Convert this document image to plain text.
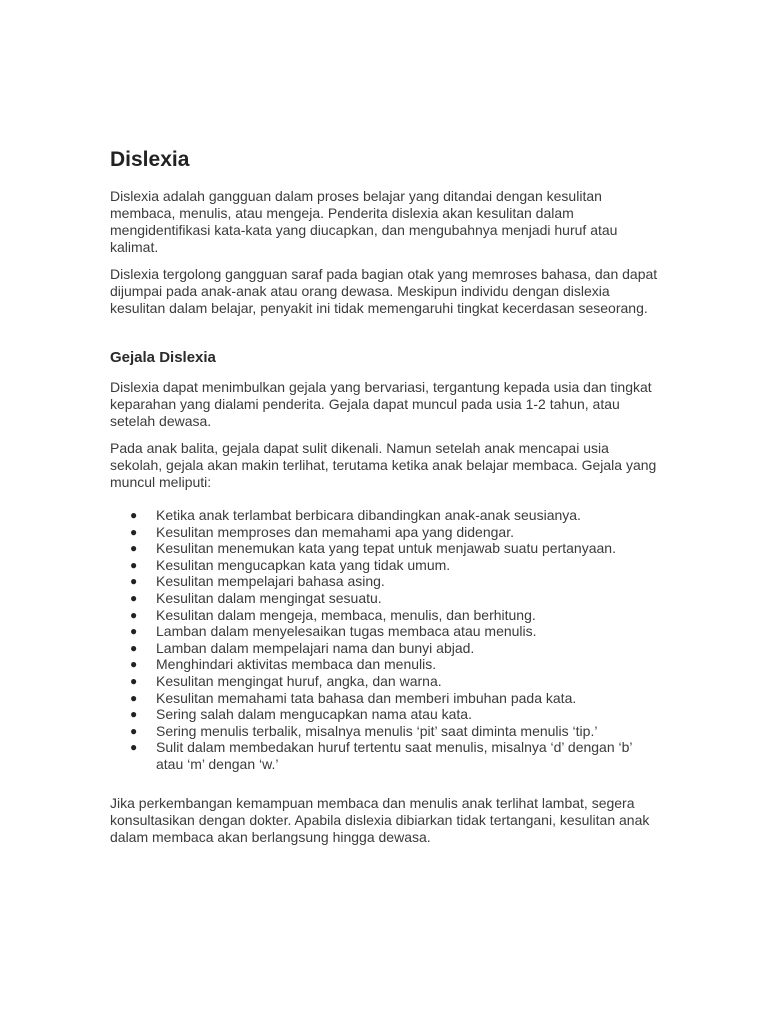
Dislexia

Dislexia adalah gangguan dalam proses belajar yang ditandai dengan kesulitan membaca, menulis, atau mengeja. Penderita dislexia akan kesulitan dalam mengidentifikasi kata-kata yang diucapkan, dan mengubahnya menjadi huruf atau kalimat.

Dislexia tergolong gangguan saraf pada bagian otak yang memroses bahasa, dan dapat dijumpai pada anak-anak atau orang dewasa. Meskipun individu dengan dislexia kesulitan dalam belajar, penyakit ini tidak memengaruhi tingkat kecerdasan seseorang.

Gejala Dislexia

Dislexia dapat menimbulkan gejala yang bervariasi, tergantung kepada usia dan tingkat keparahan yang dialami penderita. Gejala dapat muncul pada usia 1-2 tahun, atau setelah dewasa.

Pada anak balita, gejala dapat sulit dikenali. Namun setelah anak mencapai usia sekolah, gejala akan makin terlihat, terutama ketika anak belajar membaca. Gejala yang muncul meliputi:

● Ketika anak terlambat berbicara dibandingkan anak-anak seusianya.
● Kesulitan memproses dan memahami apa yang didengar.
● Kesulitan menemukan kata yang tepat untuk menjawab suatu pertanyaan.
● Kesulitan mengucapkan kata yang tidak umum.
● Kesulitan mempelajari bahasa asing.
● Kesulitan dalam mengingat sesuatu.
● Kesulitan dalam mengeja, membaca, menulis, dan berhitung.
● Lamban dalam menyelesaikan tugas membaca atau menulis.
● Lamban dalam mempelajari nama dan bunyi abjad.
● Menghindari aktivitas membaca dan menulis.
● Kesulitan mengingat huruf, angka, dan warna.
● Kesulitan memahami tata bahasa dan memberi imbuhan pada kata.
● Sering salah dalam mengucapkan nama atau kata.
● Sering menulis terbalik, misalnya menulis ‘pit’ saat diminta menulis ‘tip.’
● Sulit dalam membedakan huruf tertentu saat menulis, misalnya ‘d’ dengan ‘b’ atau ‘m’ dengan ‘w.’

Jika perkembangan kemampuan membaca dan menulis anak terlihat lambat, segera konsultasikan dengan dokter. Apabila dislexia dibiarkan tidak tertangani, kesulitan anak dalam membaca akan berlangsung hingga dewasa.
